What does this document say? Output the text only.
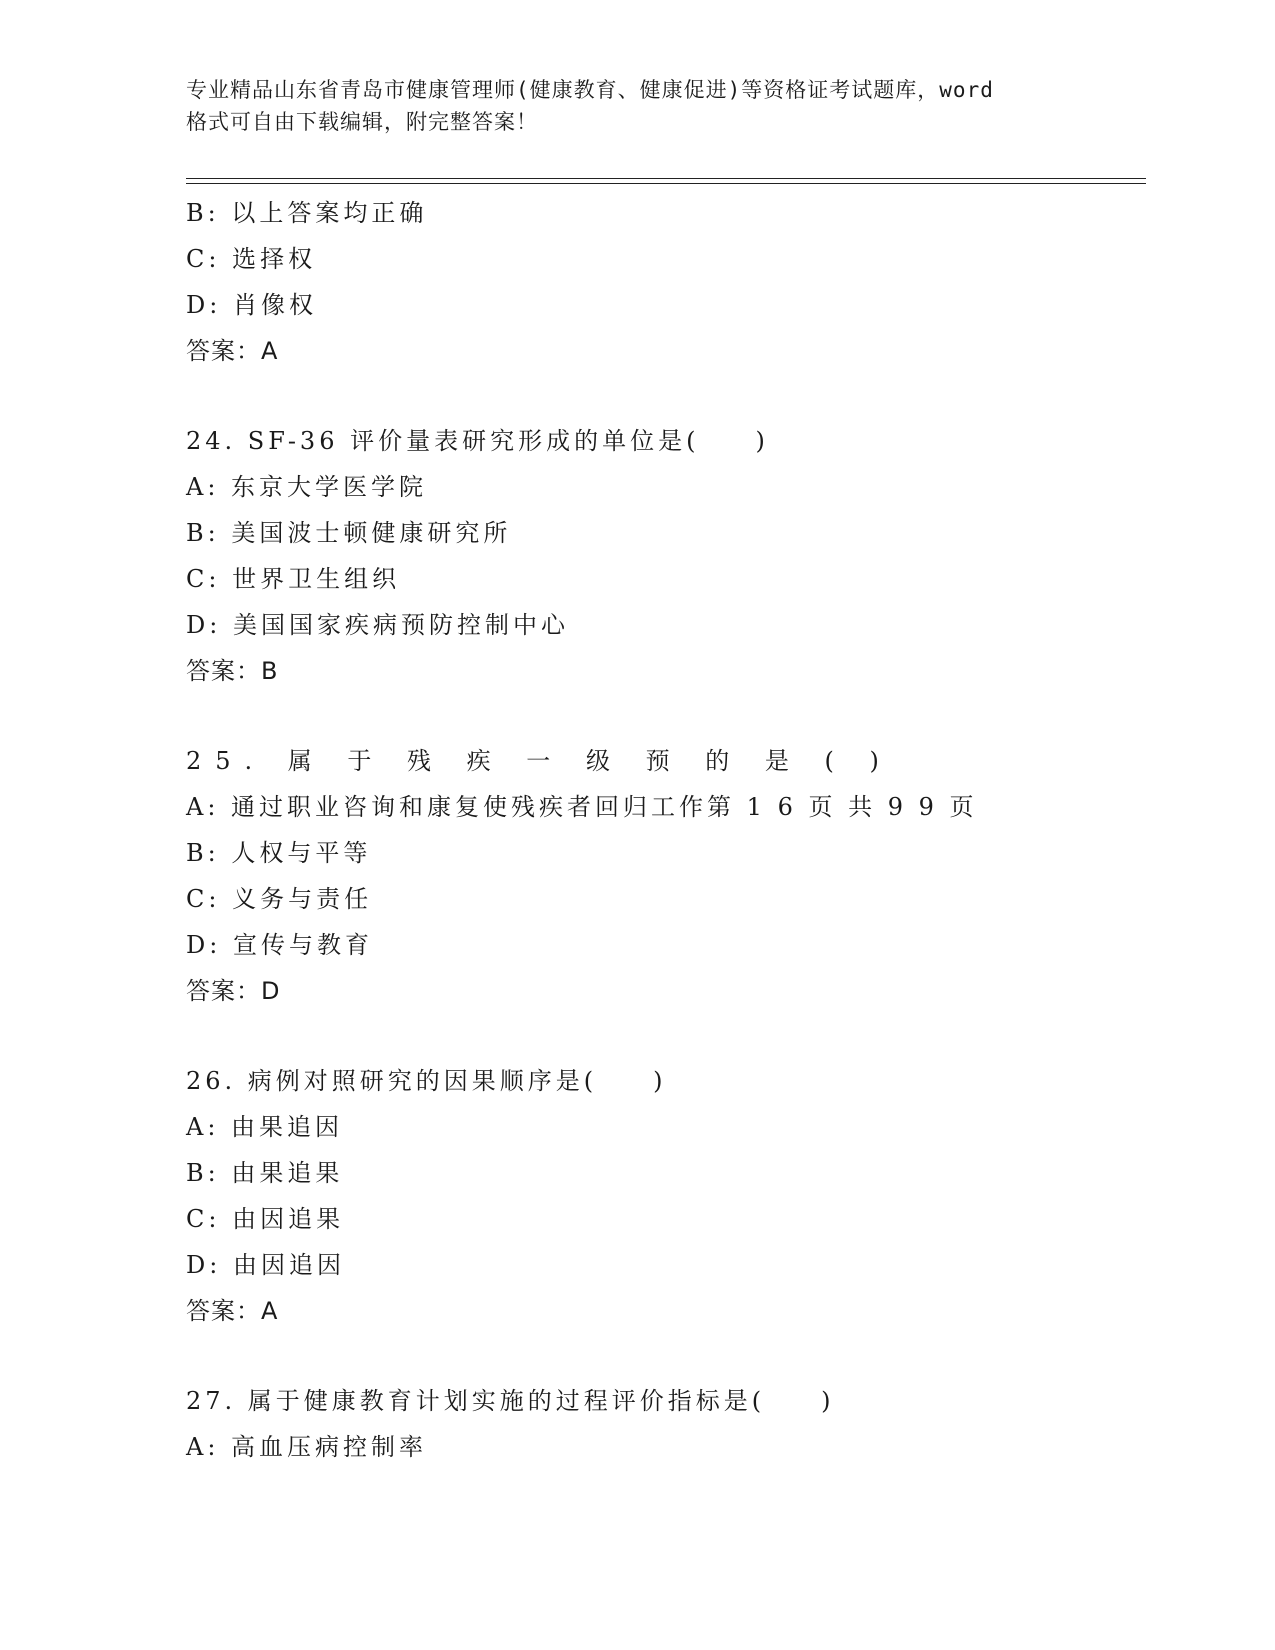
专业精品山东省青岛市健康管理师(健康教育、健康促进)等资格证考试题库，word
格式可自由下载编辑，附完整答案！
B: 以上答案均正确
C: 选择权
D: 肖像权
答案：A
24. SF-36 评价量表研究形成的单位是(　　)
A: 东京大学医学院
B: 美国波士顿健康研究所
C: 世界卫生组织
D: 美国国家疾病预防控制中心
答案：B
25. 属 于 残 疾 一 级 预 的 是 ( )
A: 通过职业咨询和康复使残疾者回归工作第 1 6 页 共 9 9 页
B: 人权与平等
C: 义务与责任
D: 宣传与教育
答案：D
26. 病例对照研究的因果顺序是(　　)
A: 由果追因
B: 由果追果
C: 由因追果
D: 由因追因
答案：A
27. 属于健康教育计划实施的过程评价指标是(　　)
A: 高血压病控制率
